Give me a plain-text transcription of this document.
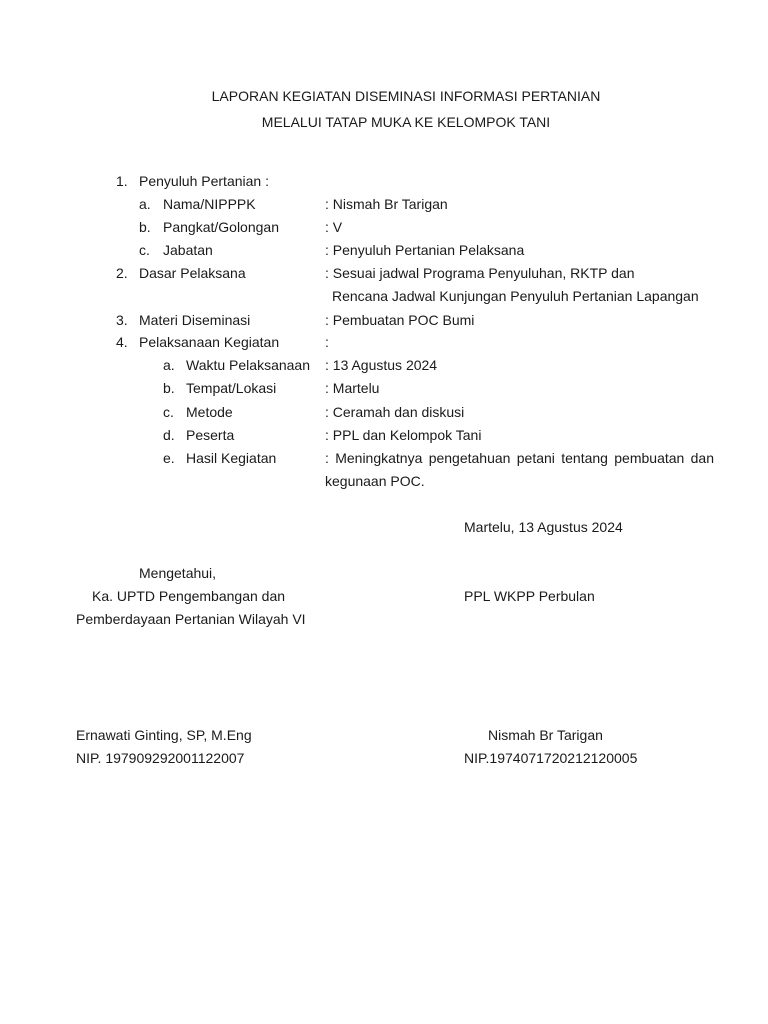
LAPORAN KEGIATAN DISEMINASI INFORMASI PERTANIAN
MELALUI TATAP MUKA KE KELOMPOK TANI
1. Penyuluh Pertanian :
a. Nama/NIPPPK	: Nismah Br Tarigan
b. Pangkat/Golongan	: V
c. Jabatan	: Penyuluh Pertanian Pelaksana
2. Dasar Pelaksana	: Sesuai jadwal Programa Penyuluhan, RKTP dan
Rencana Jadwal Kunjungan Penyuluh Pertanian Lapangan
3. Materi Diseminasi	: Pembuatan POC Bumi
4. Pelaksanaan Kegiatan	:
a. Waktu Pelaksanaan : 13 Agustus 2024
b. Tempat/Lokasi	: Martelu
c. Metode	: Ceramah dan diskusi
d. Peserta	: PPL dan Kelompok Tani
e. Hasil Kegiatan	: Meningkatnya pengetahuan petani tentang pembuatan dan
kegunaan POC.
Martelu, 13 Agustus 2024
Mengetahui,
Ka. UPTD Pengembangan dan	PPL WKPP Perbulan
Pemberdayaan Pertanian Wilayah VI
Ernawati Ginting, SP, M.Eng	Nismah Br Tarigan
NIP. 197909292001122007	NIP.1974071720212120005
